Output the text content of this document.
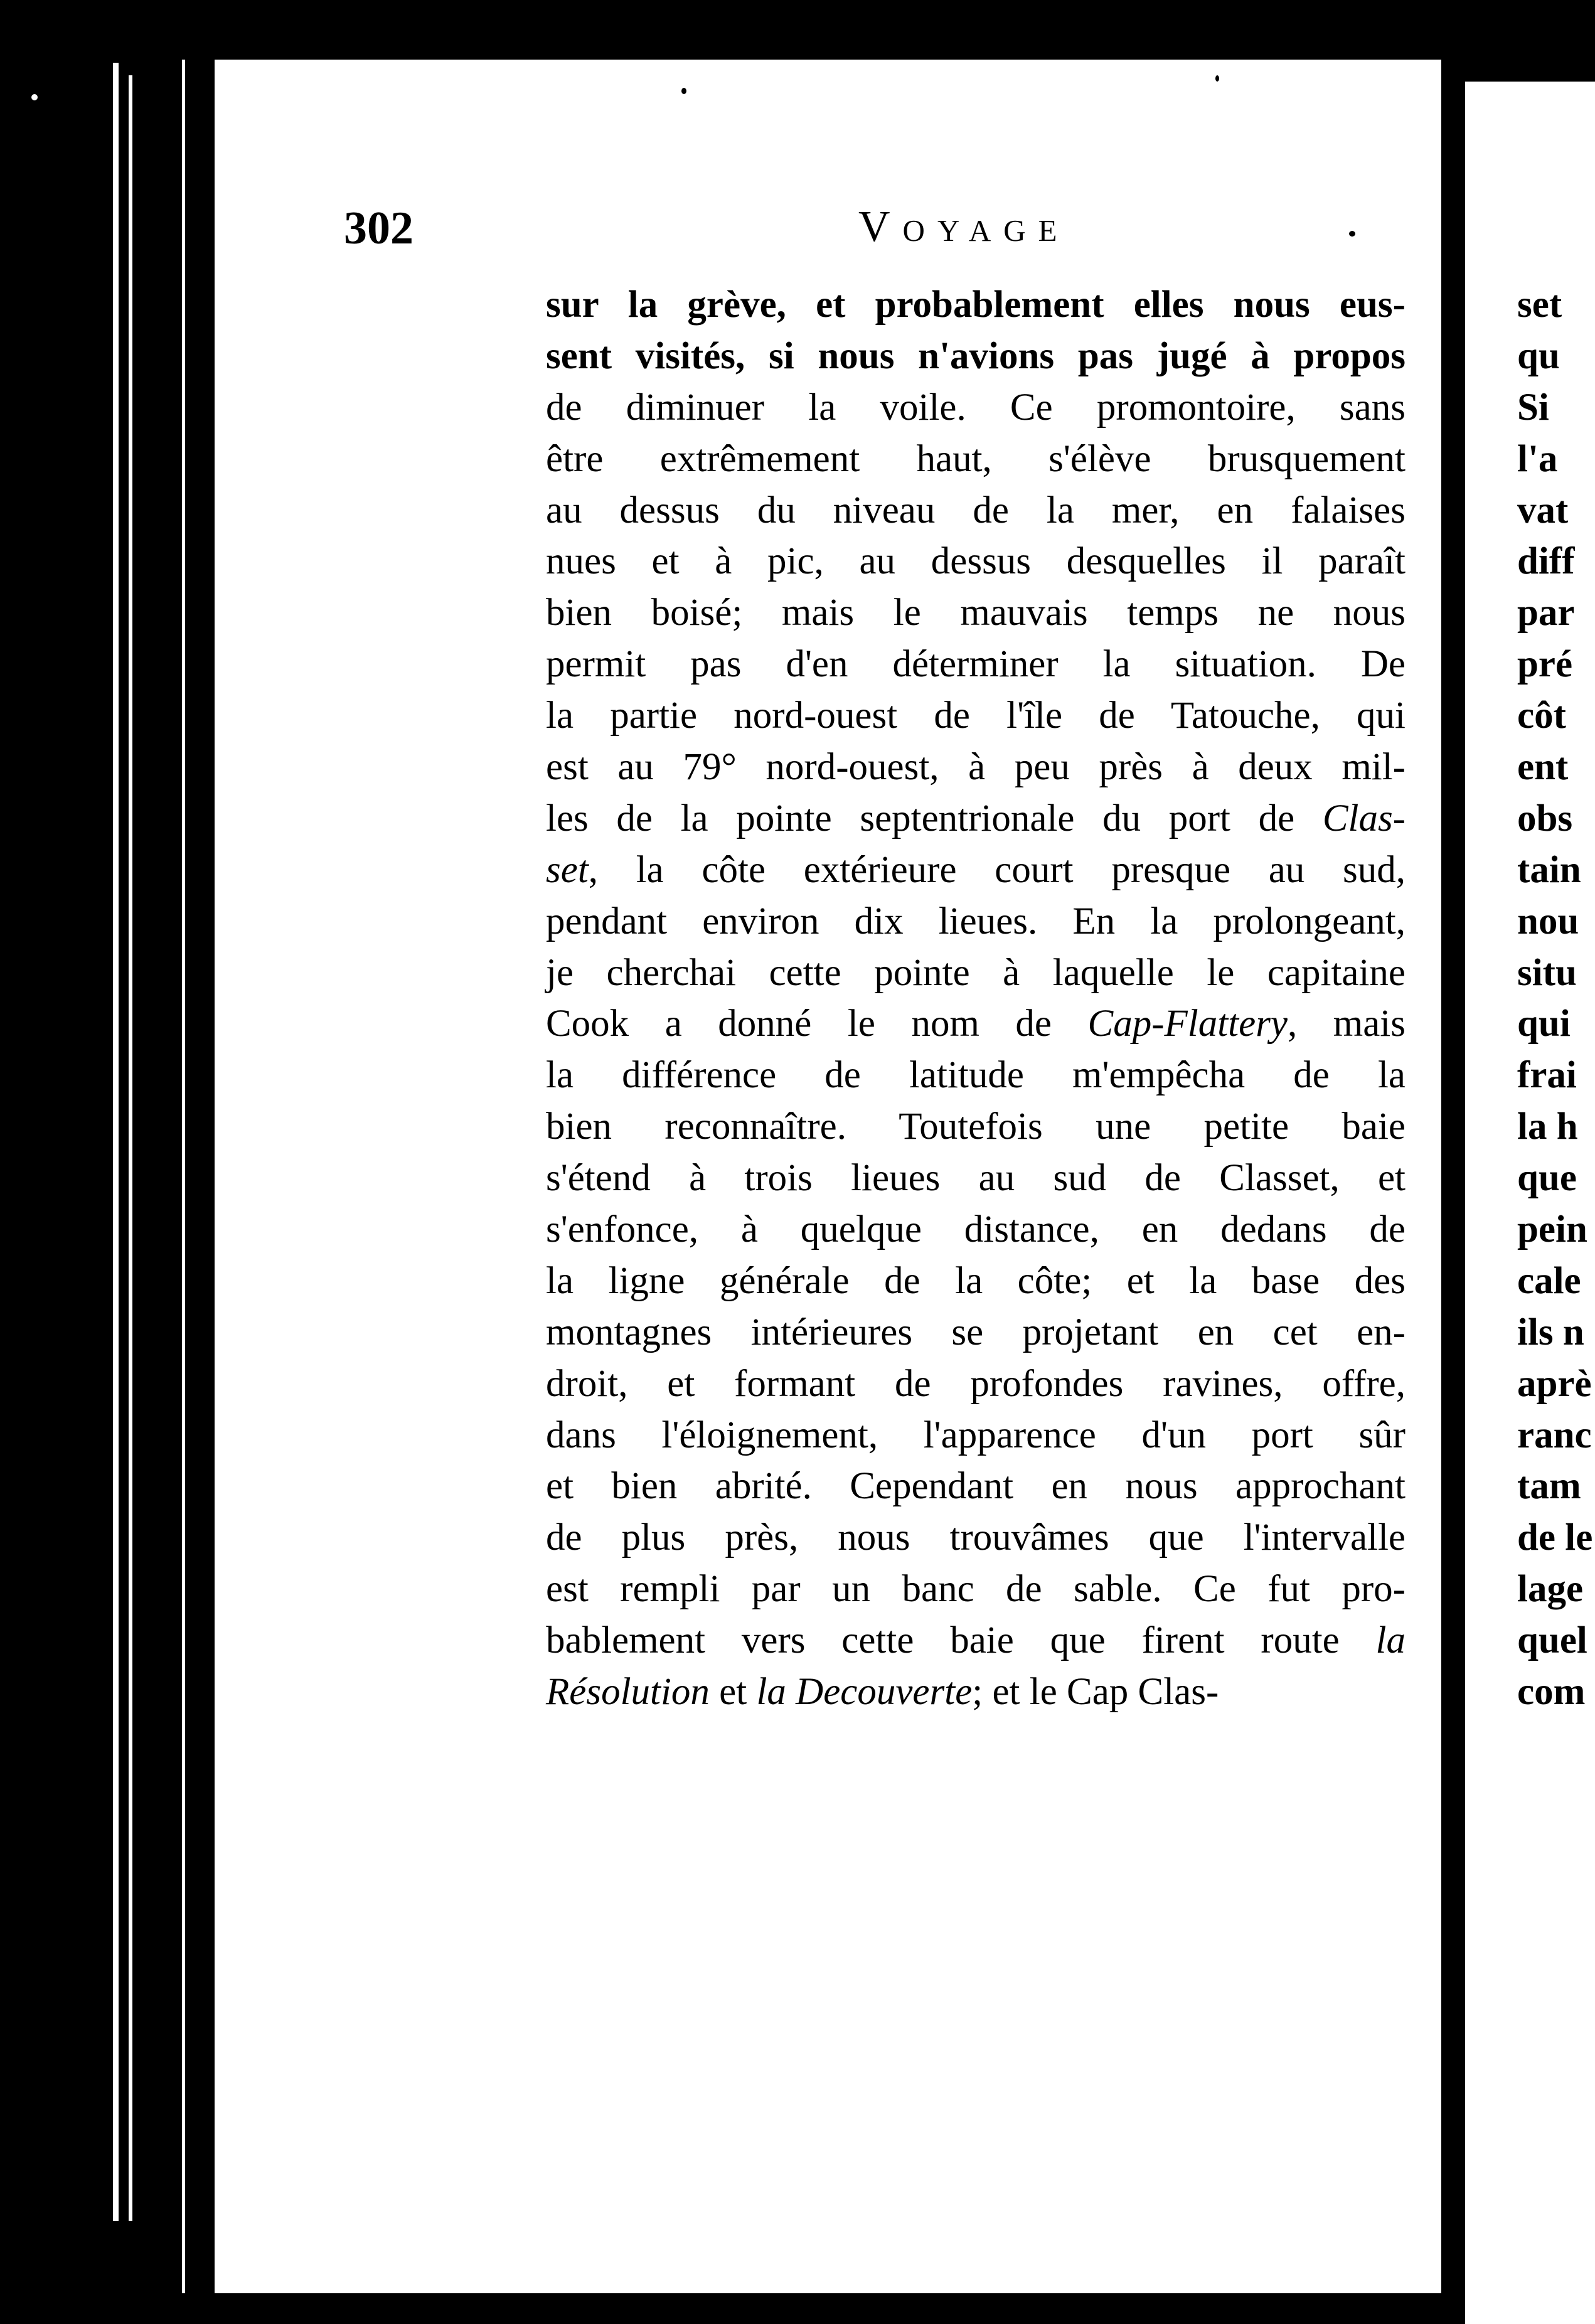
302	Voyage
sur la grève, et probablement elles nous eus-
sent visités, si nous n'avions pas jugé à propos
de diminuer la voile. Ce promontoire, sans
être extrêmement haut, s'élève brusquement
au dessus du niveau de la mer, en falaises
nues et à pic, au dessus desquelles il paraît
bien boisé; mais le mauvais temps ne nous
permit pas d'en déterminer la situation. De
la partie nord-ouest de l'île de Tatouche, qui
est au 79° nord-ouest, à peu près à deux mil-
les de la pointe septentrionale du port de Clas-
set, la côte extérieure court presque au sud,
pendant environ dix lieues. En la prolongeant,
je cherchai cette pointe à laquelle le capitaine
Cook a donné le nom de Cap-Flattery, mais
la différence de latitude m'empêcha de la
bien reconnaître. Toutefois une petite baie
s'étend à trois lieues au sud de Classet, et
s'enfonce, à quelque distance, en dedans de
la ligne générale de la côte; et la base des
montagnes intérieures se projetant en cet en-
droit, et formant de profondes ravines, offre,
dans l'éloignement, l'apparence d'un port sûr
et bien abrité. Cependant en nous approchant
de plus près, nous trouvâmes que l'intervalle
est rempli par un banc de sable. Ce fut pro-
bablement vers cette baie que firent route la
Résolution et la Decouverte; et le Cap Clas-
set
qu
Si
l'a
vat
diff
par
pré
côt
ent
obs
tain
nou
situ
qui
frai
la h
que
pein
cale
ils n
aprè
ranc
tam
de le
lage
quel
com
